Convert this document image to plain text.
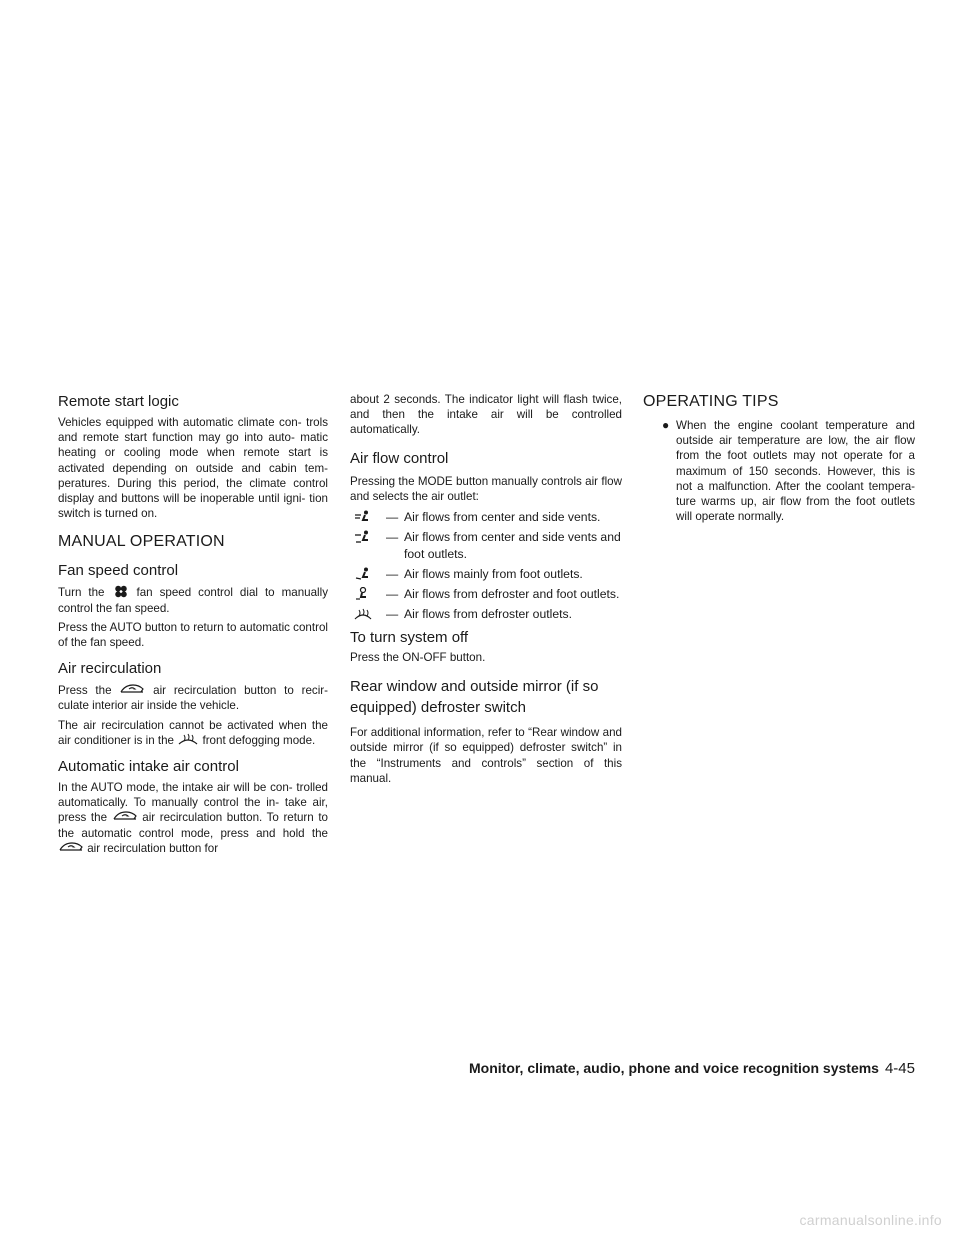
Remote start logic

Vehicles equipped with automatic climate con- trols and remote start function may go into auto- matic heating or cooling mode when remote start is activated depending on outside and cabin tem- peratures. During this period, the climate control display and buttons will be inoperable until igni- tion switch is turned on.

MANUAL OPERATION
Fan speed control

Turn the	fan speed control dial to manually control the fan speed.

Press the AUTO button to return to automatic control of the fan speed.

Air recirculation

Press the	air recirculation button to recir- culate interior air inside the vehicle.

The air recirculation cannot be activated when the air conditioner is in the front defogging mode.

Automatic intake air control

In the AUTO mode, the intake air will be con- trolled automatically. To manually control the in- take air, press the	air recirculation button. To return to the automatic control mode, press and hold the
air recirculation button for

about 2 seconds. The indicator light will flash twice, and then the intake air will be controlled automatically.

Air flow control

Pressing the MODE button manually controls air flow and selects the air outlet:

— Air flows from center and side vents.
— Air flows from center and side vents and foot outlets.
— Air flows mainly from foot outlets.
— Air flows from defroster and foot outlets.
— Air flows from defroster outlets.
To turn system off

Press the ON-OFF button.

Rear window and outside mirror (if so equipped) defroster switch

For additional information, refer to “Rear window and outside mirror (if so equipped) defroster switch” in the “Instruments and controls” section of this manual.

OPERATING TIPS
● When the engine coolant temperature and outside air temperature are low, the air flow from the foot outlets may not operate for a maximum of 150 seconds. However, this is not a malfunction. After the coolant tempera- ture warms up, air flow from the foot outlets will operate normally.
Monitor, climate, audio, phone and voice recognition systems 4-45
carmanualsonline.info
